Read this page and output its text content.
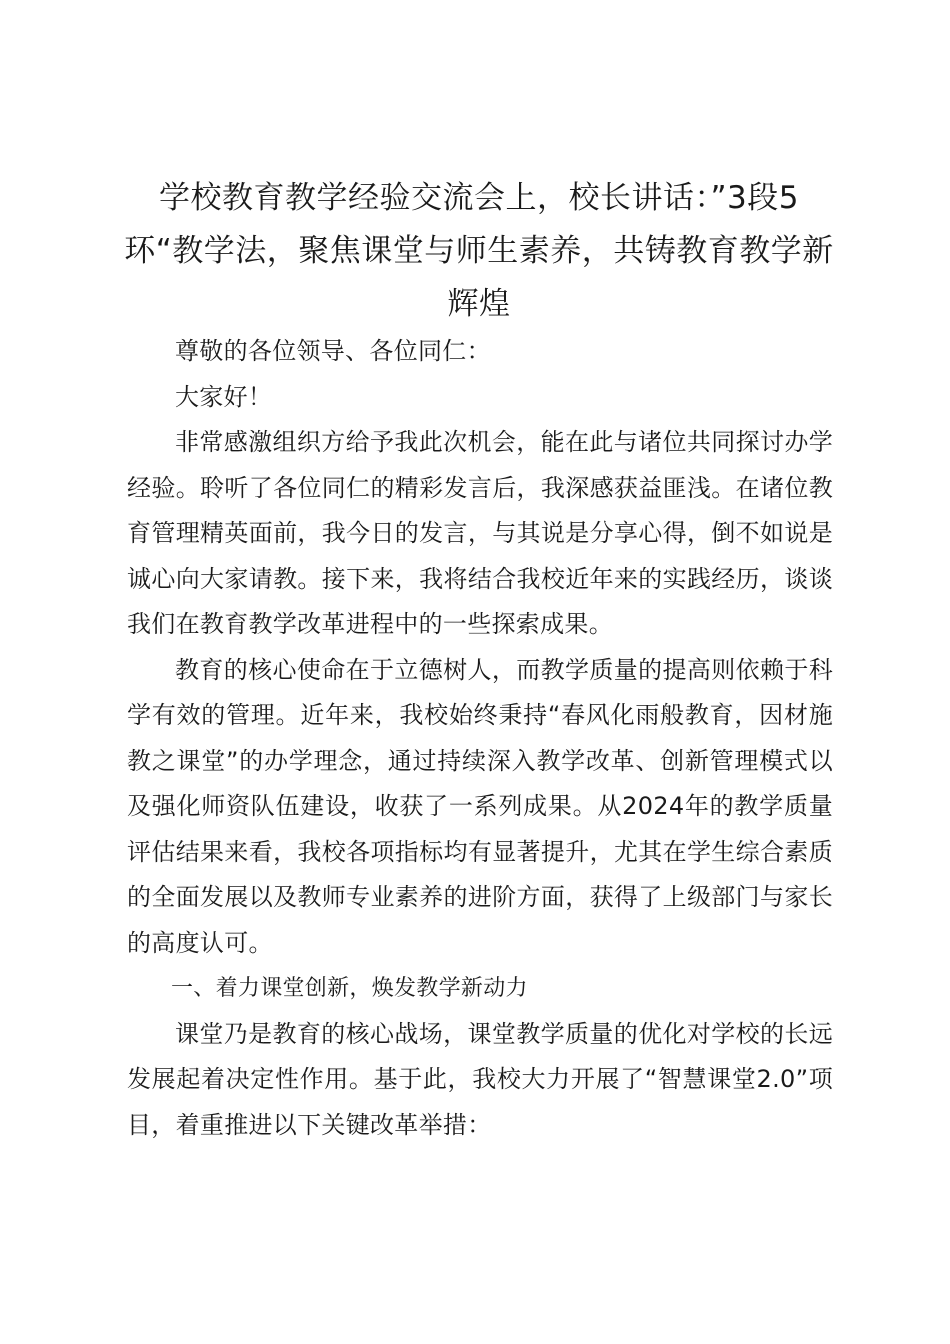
学校教育教学经验交流会上，校长讲话：”3段5环“教学法，聚焦课堂与师生素养，共铸教育教学新辉煌

尊敬的各位领导、各位同仁：

大家好！

非常感激组织方给予我此次机会，能在此与诸位共同探讨办学经验。聆听了各位同仁的精彩发言后，我深感获益匪浅。在诸位教育管理精英面前，我今日的发言，与其说是分享心得，倒不如说是诚心向大家请教。接下来，我将结合我校近年来的实践经历，谈谈我们在教育教学改革进程中的一些探索成果。

教育的核心使命在于立德树人，而教学质量的提高则依赖于科学有效的管理。近年来，我校始终秉持“春风化雨般教育，因材施教之课堂”的办学理念，通过持续深入教学改革、创新管理模式以及强化师资队伍建设，收获了一系列成果。从2024年的教学质量评估结果来看，我校各项指标均有显著提升，尤其在学生综合素质的全面发展以及教师专业素养的进阶方面，获得了上级部门与家长的高度认可。

一、着力课堂创新，焕发教学新动力

课堂乃是教育的核心战场，课堂教学质量的优化对学校的长远发展起着决定性作用。基于此，我校大力开展了“智慧课堂2.0”项目，着重推进以下关键改革举措：
